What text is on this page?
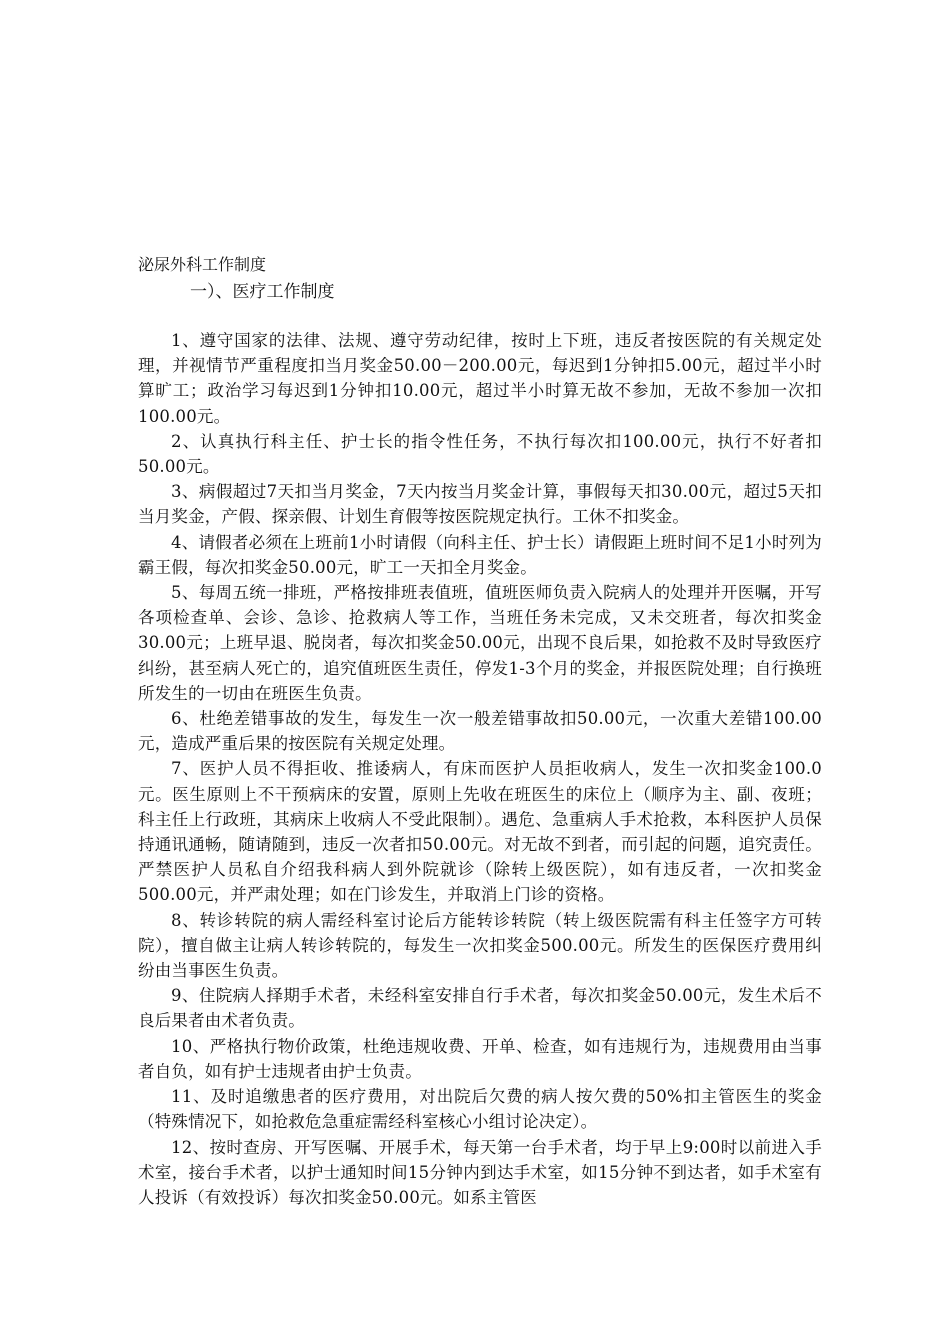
泌尿外科工作制度
一）、医疗工作制度

1、遵守国家的法律、法规、遵守劳动纪律，按时上下班，违反者按医院的有关规定处理，并视情节严重程度扣当月奖金50.00－200.00元，每迟到1分钟扣5.00元，超过半小时算旷工；政治学习每迟到1分钟扣10.00元，超过半小时算无故不参加，无故不参加一次扣100.00元。

2、认真执行科主任、护士长的指令性任务，不执行每次扣100.00元，执行不好者扣50.00元。

3、病假超过7天扣当月奖金，7天内按当月奖金计算，事假每天扣30.00元，超过5天扣当月奖金，产假、探亲假、计划生育假等按医院规定执行。工休不扣奖金。

4、请假者必须在上班前1小时请假（向科主任、护士长）请假距上班时间不足1小时列为霸王假，每次扣奖金50.00元，旷工一天扣全月奖金。

5、每周五统一排班，严格按排班表值班，值班医师负责入院病人的处理并开医嘱，开写各项检查单、会诊、急诊、抢救病人等工作，当班任务未完成，又未交班者，每次扣奖金30.00元；上班早退、脱岗者，每次扣奖金50.00元，出现不良后果，如抢救不及时导致医疗纠纷，甚至病人死亡的，追究值班医生责任，停发1-3个月的奖金，并报医院处理；自行换班所发生的一切由在班医生负责。

6、杜绝差错事故的发生，每发生一次一般差错事故扣50.00元，一次重大差错100.00元，造成严重后果的按医院有关规定处理。

7、医护人员不得拒收、推诿病人，有床而医护人员拒收病人，发生一次扣奖金100.0元。医生原则上不干预病床的安置，原则上先收在班医生的床位上（顺序为主、副、夜班；科主任上行政班，其病床上收病人不受此限制）。遇危、急重病人手术抢救，本科医护人员保持通讯通畅，随请随到，违反一次者扣50.00元。对无故不到者，而引起的问题，追究责任。严禁医护人员私自介绍我科病人到外院就诊（除转上级医院），如有违反者，一次扣奖金500.00元，并严肃处理；如在门诊发生，并取消上门诊的资格。

8、转诊转院的病人需经科室讨论后方能转诊转院（转上级医院需有科主任签字方可转院），擅自做主让病人转诊转院的，每发生一次扣奖金500.00元。所发生的医保医疗费用纠纷由当事医生负责。

9、住院病人择期手术者，未经科室安排自行手术者，每次扣奖金50.00元，发生术后不良后果者由术者负责。

10、严格执行物价政策，杜绝违规收费、开单、检查，如有违规行为，违规费用由当事者自负，如有护士违规者由护士负责。

11、及时追缴患者的医疗费用，对出院后欠费的病人按欠费的50%扣主管医生的奖金（特殊情况下，如抢救危急重症需经科室核心小组讨论决定）。

12、按时查房、开写医嘱、开展手术，每天第一台手术者，均于早上9:00时以前进入手术室，接台手术者，以护士通知时间15分钟内到达手术室，如15分钟不到达者，如手术室有人投诉（有效投诉）每次扣奖金50.00元。如系主管医
